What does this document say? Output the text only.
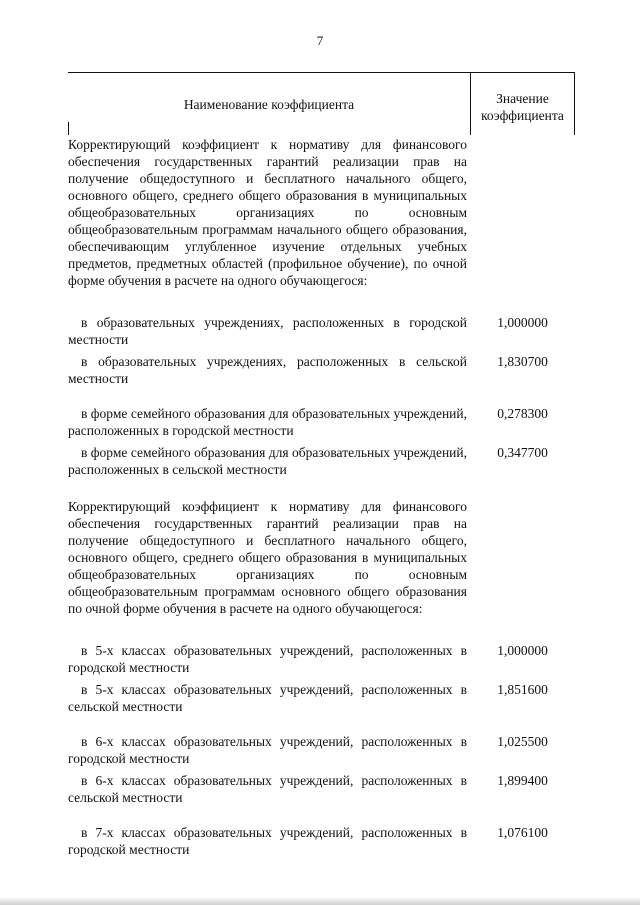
7
Наименование коэффициента	Значение
коэффициента
Корректирующий коэффициент к нормативу для финансового обеспечения государственных гарантий реализации прав на получение общедоступного и бесплатного начального общего, основного общего, среднего общего образования в муниципальных общеобразовательных организациях по основным общеобразовательным программам начального общего образования, обеспечивающим углубленное изучение отдельных учебных предметов, предметных областей (профильное обучение), по очной форме обучения в расчете на одного обучающегося:
в образовательных учреждениях, расположенных в городской местности
1,000000
в образовательных учреждениях, расположенных в сельской местности
1,830700
в форме семейного образования для образовательных учреждений, расположенных в городской местности
0,278300
в форме семейного образования для образовательных учреждений, расположенных в сельской местности
0,347700
Корректирующий коэффициент к нормативу для финансового обеспечения государственных гарантий реализации прав на получение общедоступного и бесплатного начального общего, основного общего, среднего общего образования в муниципальных общеобразовательных организациях по основным общеобразовательным программам основного общего образования по очной форме обучения в расчете на одного обучающегося:
в 5-х классах образовательных учреждений, расположенных в городской местности
1,000000
в 5-х классах образовательных учреждений, расположенных в сельской местности
1,851600
в 6-х классах образовательных учреждений, расположенных в городской местности
1,025500
в 6-х классах образовательных учреждений, расположенных в сельской местности
1,899400
в 7-х классах образовательных учреждений, расположенных в городской местности
1,076100
